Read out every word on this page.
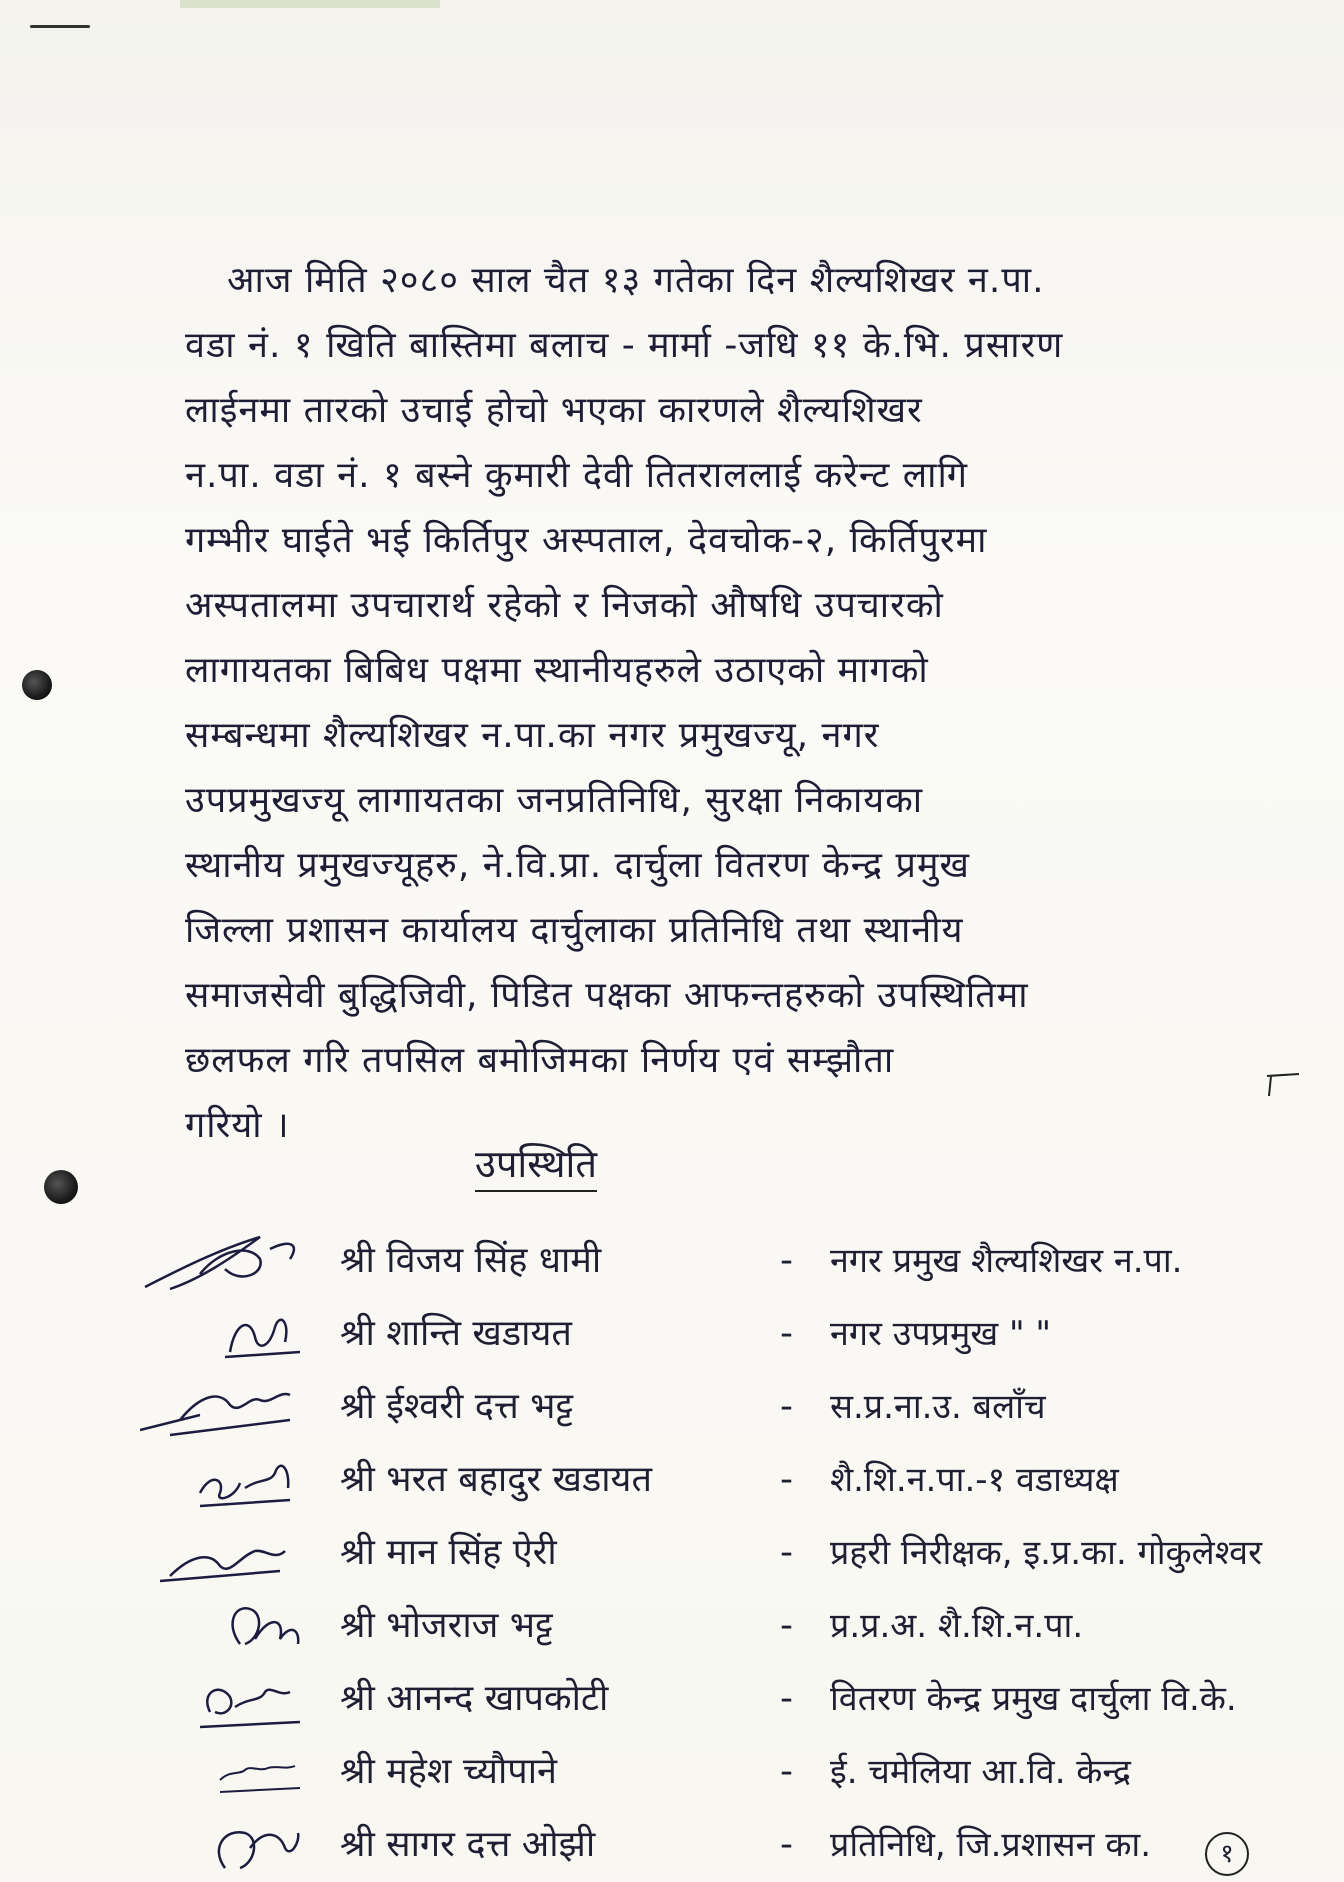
आज मिति २०८० साल चैत १३ गतेका दिन शैल्यशिखर न.पा.
वडा नं. १ खिति बास्तिमा बलाच - मार्मा -जधि ११ के.भि. प्रसारण
लाईनमा तारको उचाई होचो भएका कारणले शैल्यशिखर
न.पा. वडा नं. १ बस्ने कुमारी देवी तितराललाई करेन्ट लागि
गम्भीर घाईते भई किर्तिपुर अस्पताल, देवचोक-२, किर्तिपुरमा
अस्पतालमा उपचारार्थ रहेको र निजको औषधि उपचारको
लागायतका बिबिध पक्षमा स्थानीयहरुले उठाएको मागको
सम्बन्धमा शैल्यशिखर न.पा.का नगर प्रमुखज्यू, नगर
उपप्रमुखज्यू लागायतका जनप्रतिनिधि, सुरक्षा निकायका
स्थानीय प्रमुखज्यूहरु, ने.वि.प्रा. दार्चुला वितरण केन्द्र प्रमुख
जिल्ला प्रशासन कार्यालय दार्चुलाका प्रतिनिधि तथा स्थानीय
समाजसेवी बुद्धिजिवी, पिडित पक्षका आफन्तहरुको उपस्थितिमा
छलफल गरि तपसिल बमोजिमका निर्णय एवं सम्झौता
गरियो ।
उपस्थिति
श्री विजय सिंह धामी	- नगर प्रमुख शैल्यशिखर न.पा.
श्री शान्ति खडायत	- नगर उपप्रमुख " "
श्री ईश्वरी दत्त भट्ट	- स.प्र.ना.उ. बलाँच
श्री भरत बहादुर खडायत	- शै.शि.न.पा.-१ वडाध्यक्ष
श्री मान सिंह ऐरी	- प्रहरी निरीक्षक, इ.प्र.का. गोकुलेश्वर
श्री भोजराज भट्ट	- प्र.प्र.अ. शै.शि.न.पा.
श्री आनन्द खापकोटी	- वितरण केन्द्र प्रमुख दार्चुला वि.के.
श्री महेश च्यौपाने	- ई. चमेलिया आ.वि. केन्द्र
श्री सागर दत्त ओझी	- प्रतिनिधि, जि.प्रशासन का.	१
